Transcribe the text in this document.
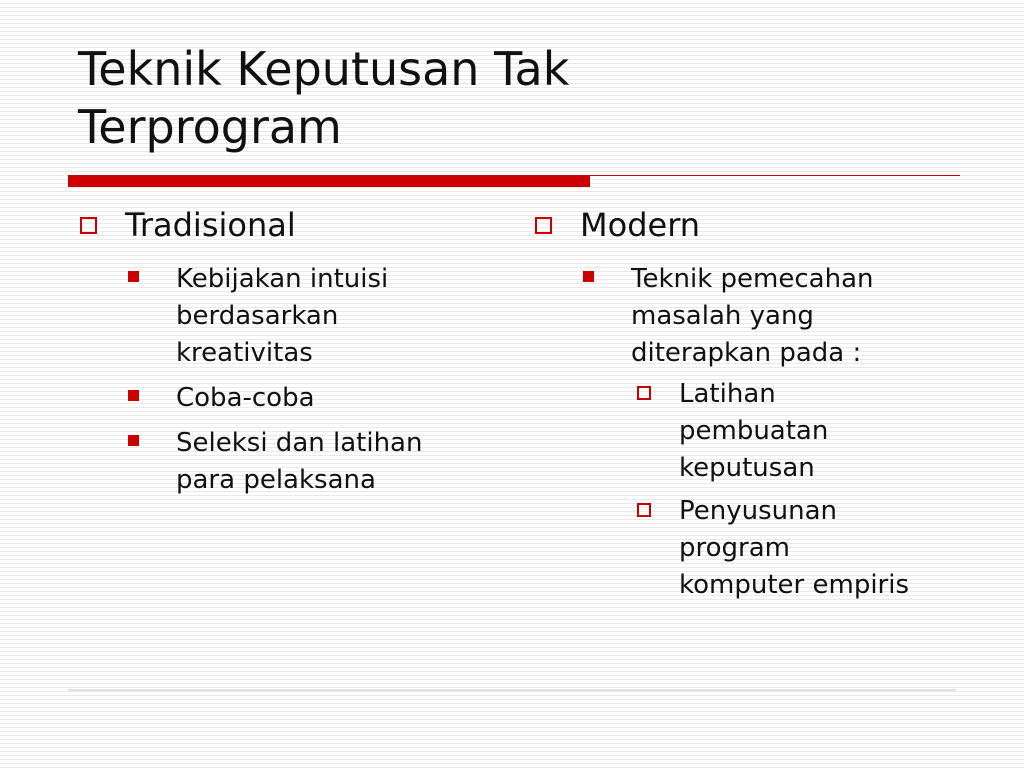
Teknik Keputusan Tak
Terprogram
Tradisional
Kebijakan intuisi
berdasarkan
kreativitas
Coba-coba
Seleksi dan latihan
para pelaksana
Modern
Teknik pemecahan
masalah yang
diterapkan pada :
Latihan
pembuatan
keputusan
Penyusunan
program
komputer empiris
